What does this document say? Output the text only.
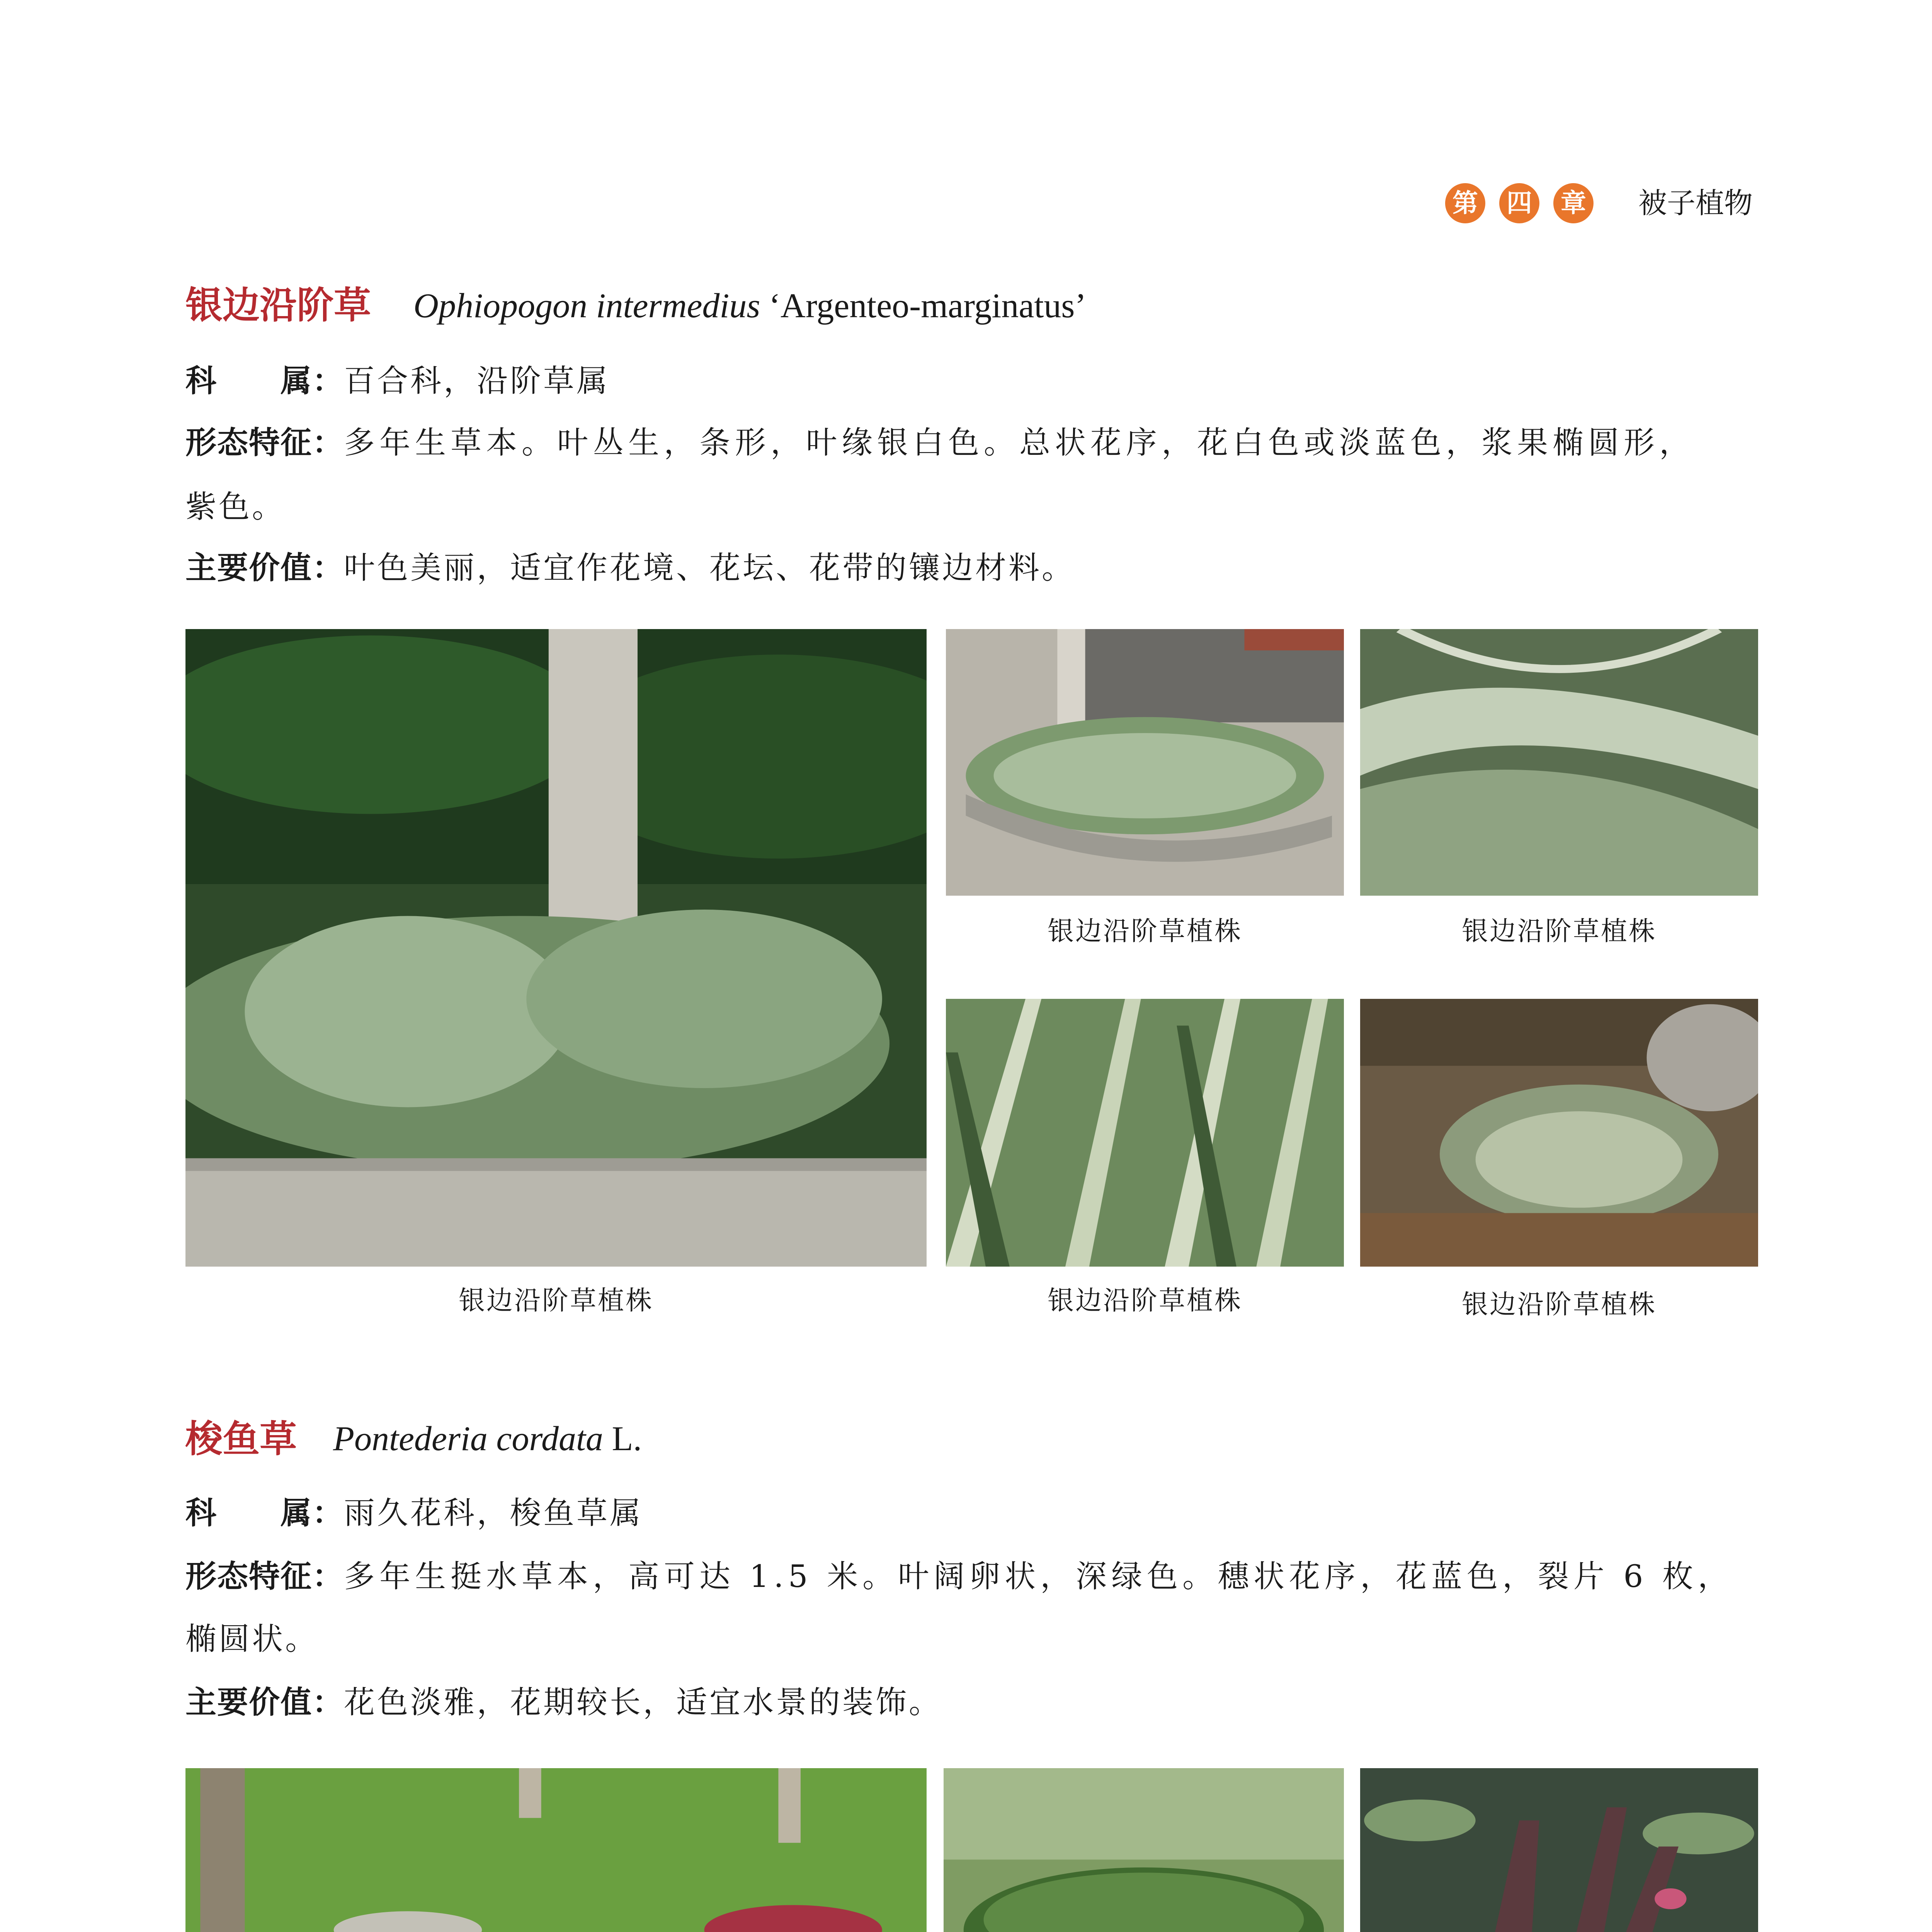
第 四 章 被子植物
银边沿阶草 Ophiopogon intermedius ‘Argenteo-marginatus’
科　　属：百合科，沿阶草属
形态特征：多年生草本。叶丛生，条形，叶缘银白色。总状花序，花白色或淡蓝色，浆果椭圆形，
紫色。
主要价值：叶色美丽，适宜作花境、花坛、花带的镶边材料。
银边沿阶草植株	银边沿阶草植株
银边沿阶草植株	银边沿阶草植株	银边沿阶草植株
梭鱼草 Pontederia cordata L.
科　　属：雨久花科，梭鱼草属
形态特征：多年生挺水草本，高可达 1.5 米。叶阔卵状，深绿色。穗状花序，花蓝色，裂片 6 枚，
椭圆状。
主要价值：花色淡雅，花期较长，适宜水景的装饰。
